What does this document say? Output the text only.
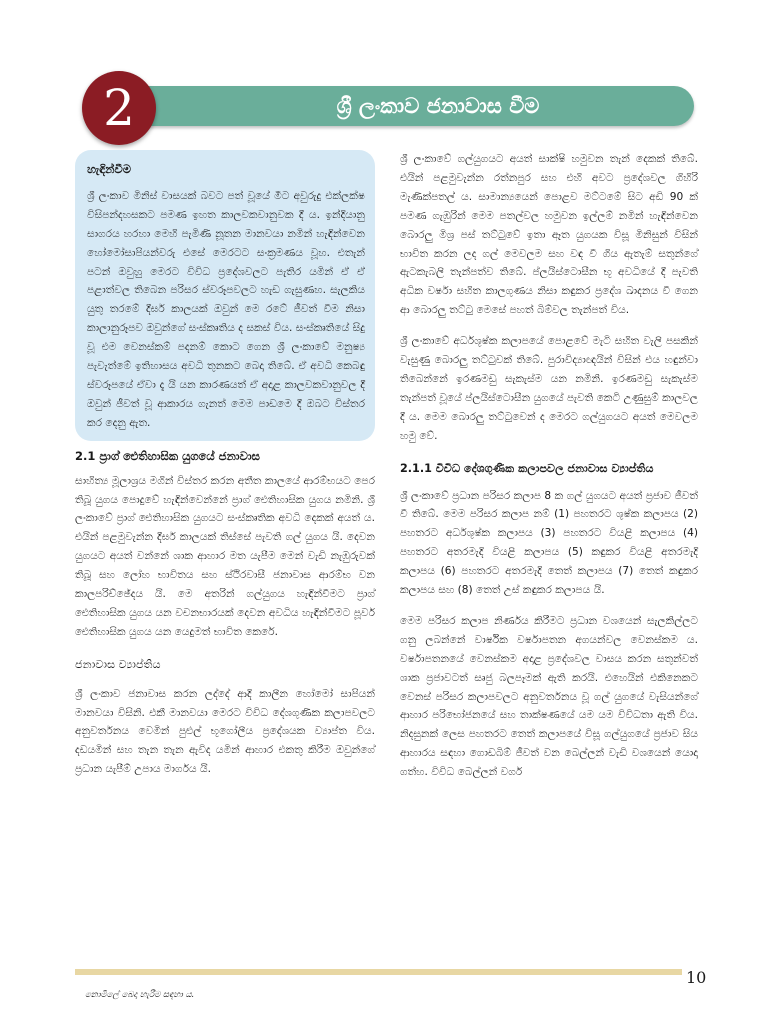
ශ්‍රී ලංකාව ජනාවාස වීම
2
හැඳින්වීම

ශ්‍රී ලංකාව මිනිස් වාසයක් බවට පත් වූයේ මීට අවුරුදු එක්ලක්ෂ විසිපන්දහසකට පමණ ඉහත කාලවකවානුවක දී ය. ඉන්දියානු සාගරය හරහා මෙහි පැමිණි නූතන මානවයා නමින් හැඳින්වෙන හෝමෝසාපියන්වරු එසේ මෙරටට සංක්‍රමණය වූහ. එතැන් පටන් ඔවුහු මෙරට විවිධ ප්‍රදේශවලට පැතිර යමින් ඒ ඒ පළාත්වල තිබෙන පරිසර ස්වරූපවලට හැඩ ගැසුණහ. සැලකිය යුතු තරමේ දීර්ඝ කාලයක් ඔවුන් මෙ රටේ ජීවත් වීම නිසා කාලානුරූපව ඔවුන්ගේ සංස්කෘතිය ද සකස් විය. සංස්කෘතියේ සිදු වූ එම වෙනස්කම් පදනම් කොට ගෙන ශ්‍රී ලංකාවේ මනුෂ්‍ය පැවැත්මේ ඉතිහාසය අවධි තුනකට බෙදා තිබේ. ඒ අවධි කෙබඳු ස්වරූපයේ ඒවා දැ යි යන කාරණයත් ඒ අදාළ කාලවකවානුවල දී ඔවුන් ජීවත් වූ ආකාරය ගැනත් මෙම පාඩමෙ දී ඔබට විස්තර කර දෙනු ඇත.

2.1 ප්‍රාග් ඓතිහාසික යුගයේ ජනාවාස

සාහිත්‍ය මූලාශ්‍රය මගින් විස්තර කරන අතීත කාලයේ ආරම්භයට පෙර තිබූ යුගය පොදුවේ හැඳින්වෙන්නේ ප්‍රාග් ඓතිහාසික යුගය නමිනි. ශ්‍රී ලංකාවේ ප්‍රාග් ඓතිහාසික යුගයට සංස්කෘතික අවධි දෙකක් අයත් ය. එයින් පළමුවැන්න දීර්ඝ කාලයක් තිස්සේ පැවති ගල් යුගය යි. දෙවන යුගයට අයත් වන්නේ ශාක ආහාර මත යැපීම මෙන් වැඩි නැඹුරුවක් තිබූ සහ ලෝහ භාවිතය සහ ස්ථිරවාසී ජනාවාස ආරම්භ වන කාලපරිච්ඡේදය යි. මෙ අතරින් ගල්යුගය හැඳින්වීමට ප්‍රාග් ඓතිහාසික යුගය යන වචනභාරයක් දෙවන අවධිය හැඳින්වීමට පූර්ව ඓතිහාසික යුගය යන යෙදුමත් භාවිත කෙරේ.

ජනාවාස ව්‍යාප්තිය

ශ්‍රී ලංකාව ජනාවාස කරන ලද්දේ ආදි කාලීන හෝමෝ සාපියන් මානවයා විසිනි. එකී මානවයා මෙරට විවිධ දේශගුණික කලාපවලට අනුවර්තනය වෙමින් පුළුල් භූගෝලීය ප්‍රදේශයක ව්‍යාප්ත විය. දඩයමින් සහ තැන තැන ඇවිද යමින් ආහාර එකතු කිරීම ඔවුන්ගේ ප්‍රධාන යැපීම් උපාය මාර්ගය යි.

ශ්‍රී ලංකාවේ ගල්යුගයට අයත් සාක්ෂි හමුවන තැන් දෙකක් තිබේ. එයින් පළමුවැන්න රත්නපුර සහ එහි අවට ප්‍රදේශවල ගිහිරි මැණික්පතල් ය. සාමාන්‍යයෙන් පොළව මට්ටමේ සිට අඩි 90 ක් පමණ ගැඹුරින් මෙම පතල්වල හමුවන ඉල්ලම් නමින් හැඳින්වෙන බොරලු මිශ්‍ර පස් තට්ටුවේ ඉතා ඈත යුගයක විසූ මිනිසුන් විසින් භාවිත කරන ලද ගල් මෙවලම සහ වඳ වී ගිය ඇතැම් සතුන්ගේ ඇටකැබලි තැන්පත්ව තිබේ. ප්ලයිස්ටොසීන භූ අවධියේ දී පැවති අධික වර්ෂා සහිත කාලගුණය නිසා කඳුකර ප්‍රදේශ ඛාදනය වී ගෙන ආ බොරලු තට්ටු මෙසේ පහත් බිම්වල තැන්පත් විය.

ශ්‍රී ලංකාවේ අර්ධශුෂ්ක කලාපයේ පොළවේ මැටි සහිත වැලි පසකින් වැසුණු බොරලු තට්ටුවක් තිබේ. පුරාවිද්‍යාඥයින් විසින් එය හඳුන්වා තිබෙන්නේ ඉරණමඩු සැකැස්ම යන නමිනි. ඉරණමඩු සැකැස්ම තැන්පත් වූයේ ප්ලයිස්ටොසීන යුගයේ පැවති කෙටි උණුසුම් කාලවල දී ය. මෙම බොරලු තට්ටුවෙන් ද මෙරට ගල්යුගයට අයත් මෙවලම හමු වේ.

2.1.1 විවිධ දේශගුණික කලාපවල ජනාවාස ව්‍යාප්තිය

ශ්‍රී ලංකාවේ ප්‍රධාන පරිසර කලාප 8 ක ගල් යුගයට අයත් ප්‍රජාව ජීවත් වී තිබේ. මෙම පරිසර කලාප නම් (1) පහතරට ශුෂ්ක කලාපය (2) පහතරට අර්ධශුෂ්ක කලාපය (3) පහතරට වියළි කලාපය (4) පහතරට අතරමැදි වියළි කලාපය (5) කඳුකර වියළි අතරමැදි කලාපය (6) පහතරට අතරමැදි තෙත් කලාපය (7) තෙත් කඳුකර කලාපය සහ (8) තෙත් උස් කඳුකර කලාපය යි.

මෙම පරිසර කලාප නිර්ණය කිරීමට ප්‍රධාන වශයෙන් සැලකිල්ලට ගනු ලබන්නේ වාර්ෂික වර්ෂාපතන අගයන්වල වෙනස්කම ය. වර්ෂාපතනයේ වෙනස්කම අදාළ ප්‍රදේශවල වාසය කරන සතුන්වත් ශාක ප්‍රජාවටත් සෘජු බලපෑමක් ඇති කරයි. එහෙයින් එකිනෙකට වෙනස් පරිසර කලාපවලට අනුවර්තනය වූ ගල් යුගයේ වැසියන්ගේ ආහාර පරිභෝජනයේ සහ තාක්ෂණයේ යම යම විවිධතා ඇති විය. නිදසුනක් ලෙස පහතරට තෙත් කලාපයේ විසූ ගල්යුගයේ ප්‍රජාව සිය ආහාරය සඳහා ගොඩබිම් ජීවත් වන බෙල්ලන් වැඩි වශයෙන් යොදා ගත්හ. විවිධ බෙල්ලන් වර්ග

10
නොමිලේ බෙදා හැරීම සඳහා ය.
